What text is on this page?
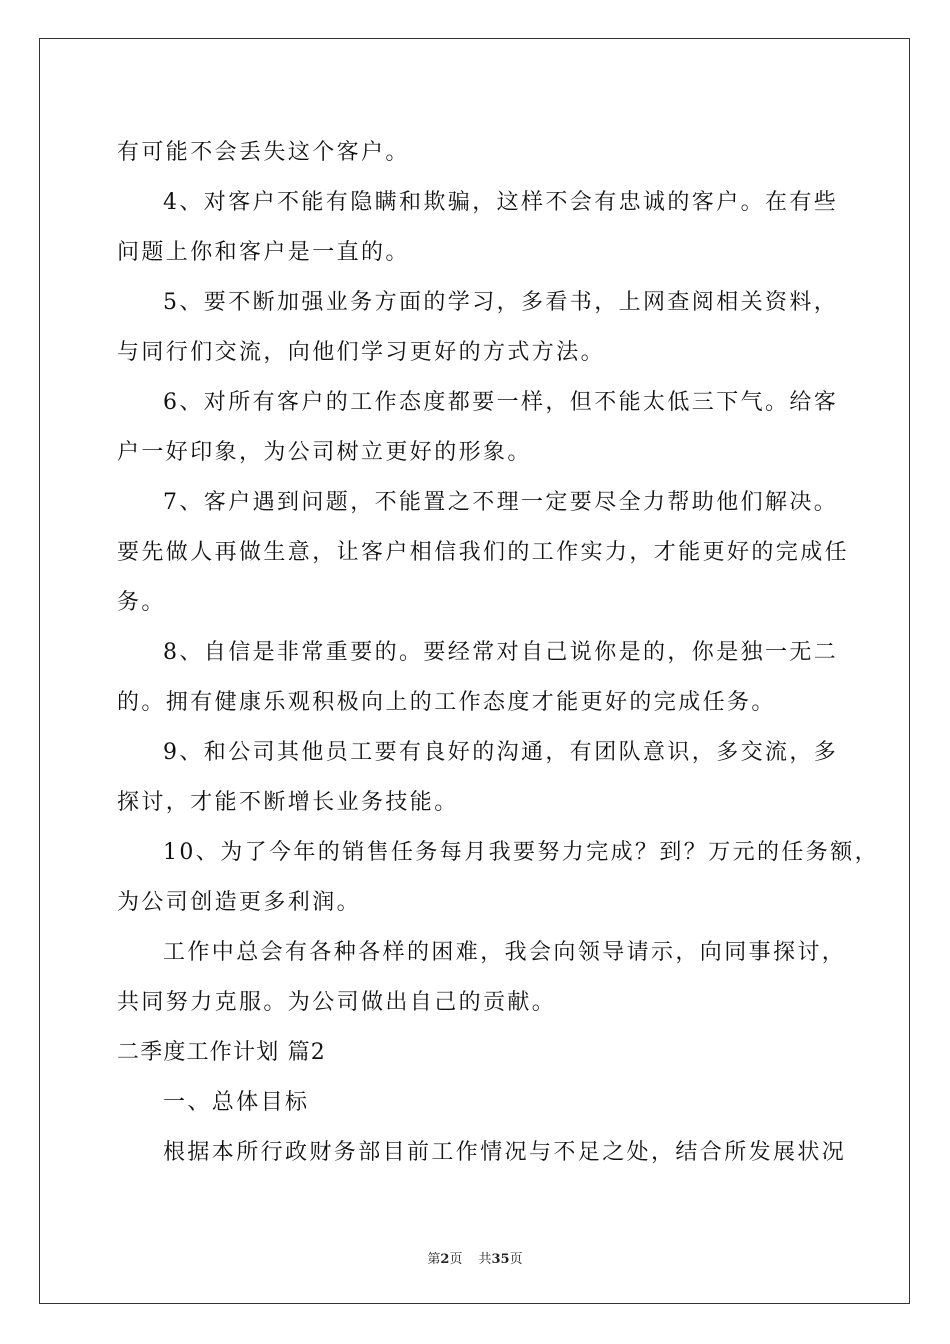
有可能不会丢失这个客户。
4、对客户不能有隐瞒和欺骗，这样不会有忠诚的客户。在有些
问题上你和客户是一直的。
5、要不断加强业务方面的学习，多看书，上网查阅相关资料，
与同行们交流，向他们学习更好的方式方法。
6、对所有客户的工作态度都要一样，但不能太低三下气。给客
户一好印象，为公司树立更好的形象。
7、客户遇到问题，不能置之不理一定要尽全力帮助他们解决。
要先做人再做生意，让客户相信我们的工作实力，才能更好的完成任
务。
8、自信是非常重要的。要经常对自己说你是的，你是独一无二
的。拥有健康乐观积极向上的工作态度才能更好的完成任务。
9、和公司其他员工要有良好的沟通，有团队意识，多交流，多
探讨，才能不断增长业务技能。
10、为了今年的销售任务每月我要努力完成？到？万元的任务额，
为公司创造更多利润。
工作中总会有各种各样的困难，我会向领导请示，向同事探讨，
共同努力克服。为公司做出自己的贡献。
二季度工作计划 篇2
一、总体目标
根据本所行政财务部目前工作情况与不足之处，结合所发展状况
第2页 共35页
